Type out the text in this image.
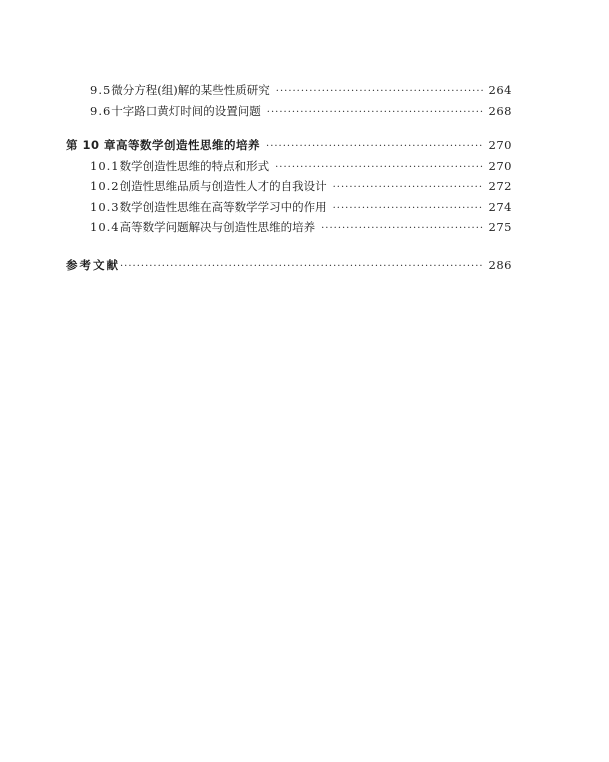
9.5 微分方程(组)解的某些性质研究 ·····	264
9.6 十字路口黄灯时间的设置问题 ·····	268
第 10 章 高等数学创造性思维的培养 ·····	270
10.1 数学创造性思维的特点和形式 ·····	270
10.2 创造性思维品质与创造性人才的自我设计 ·····	272
10.3 数学创造性思维在高等数学学习中的作用 ·····	274
10.4 高等数学问题解决与创造性思维的培养 ·····	275
参考文献 ·····	286
